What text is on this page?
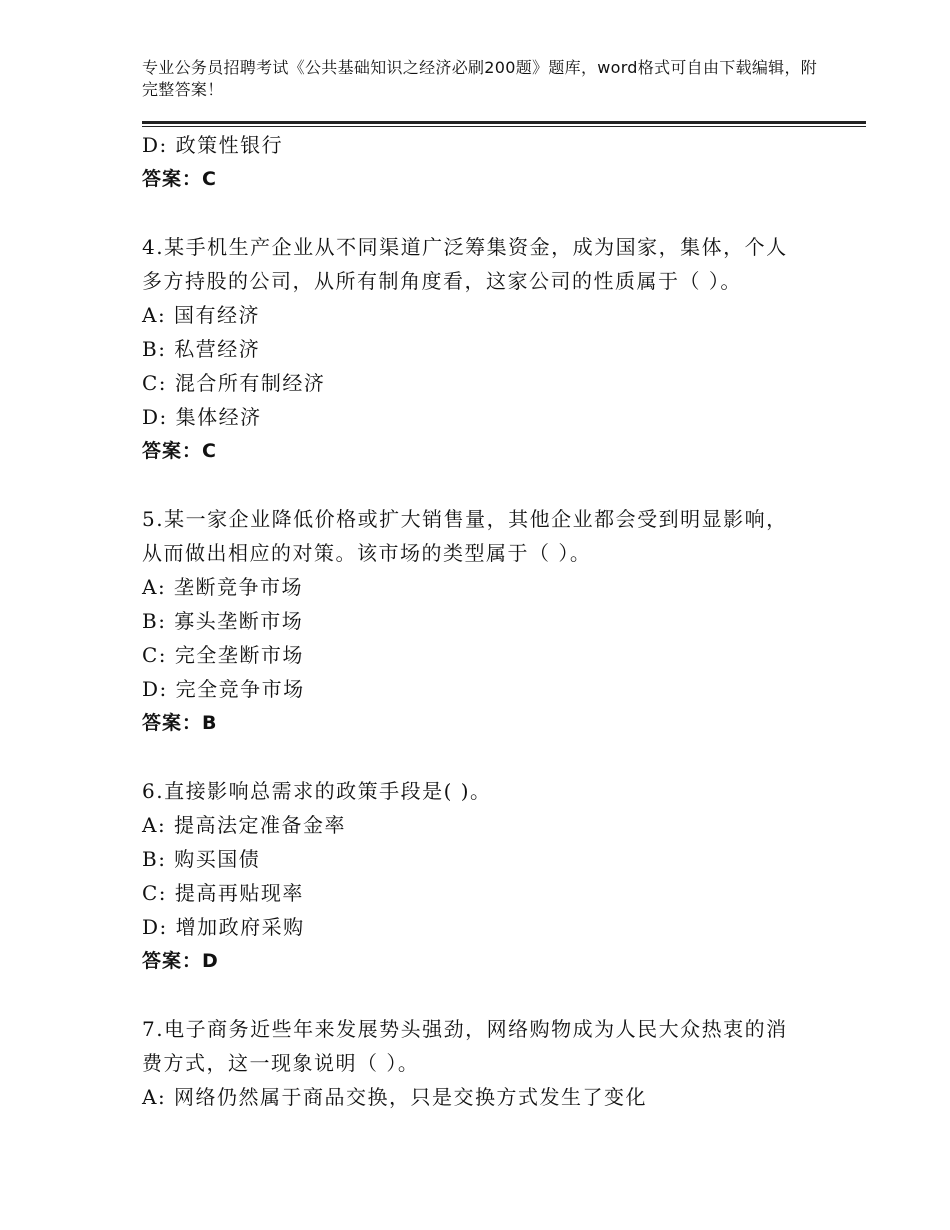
专业公务员招聘考试《公共基础知识之经济必刷200题》题库，word格式可自由下载编辑，附完整答案！
D: 政策性银行
答案：C
4.某手机生产企业从不同渠道广泛筹集资金，成为国家，集体，个人
多方持股的公司，从所有制角度看，这家公司的性质属于（ ）。
A: 国有经济
B: 私营经济
C: 混合所有制经济
D: 集体经济
答案：C
5.某一家企业降低价格或扩大销售量，其他企业都会受到明显影响，
从而做出相应的对策。该市场的类型属于（ ）。
A: 垄断竞争市场
B: 寡头垄断市场
C: 完全垄断市场
D: 完全竞争市场
答案：B
6.直接影响总需求的政策手段是( )。
A: 提高法定准备金率
B: 购买国债
C: 提高再贴现率
D: 增加政府采购
答案：D
7.电子商务近些年来发展势头强劲，网络购物成为人民大众热衷的消
费方式，这一现象说明（ ）。
A: 网络仍然属于商品交换，只是交换方式发生了变化
